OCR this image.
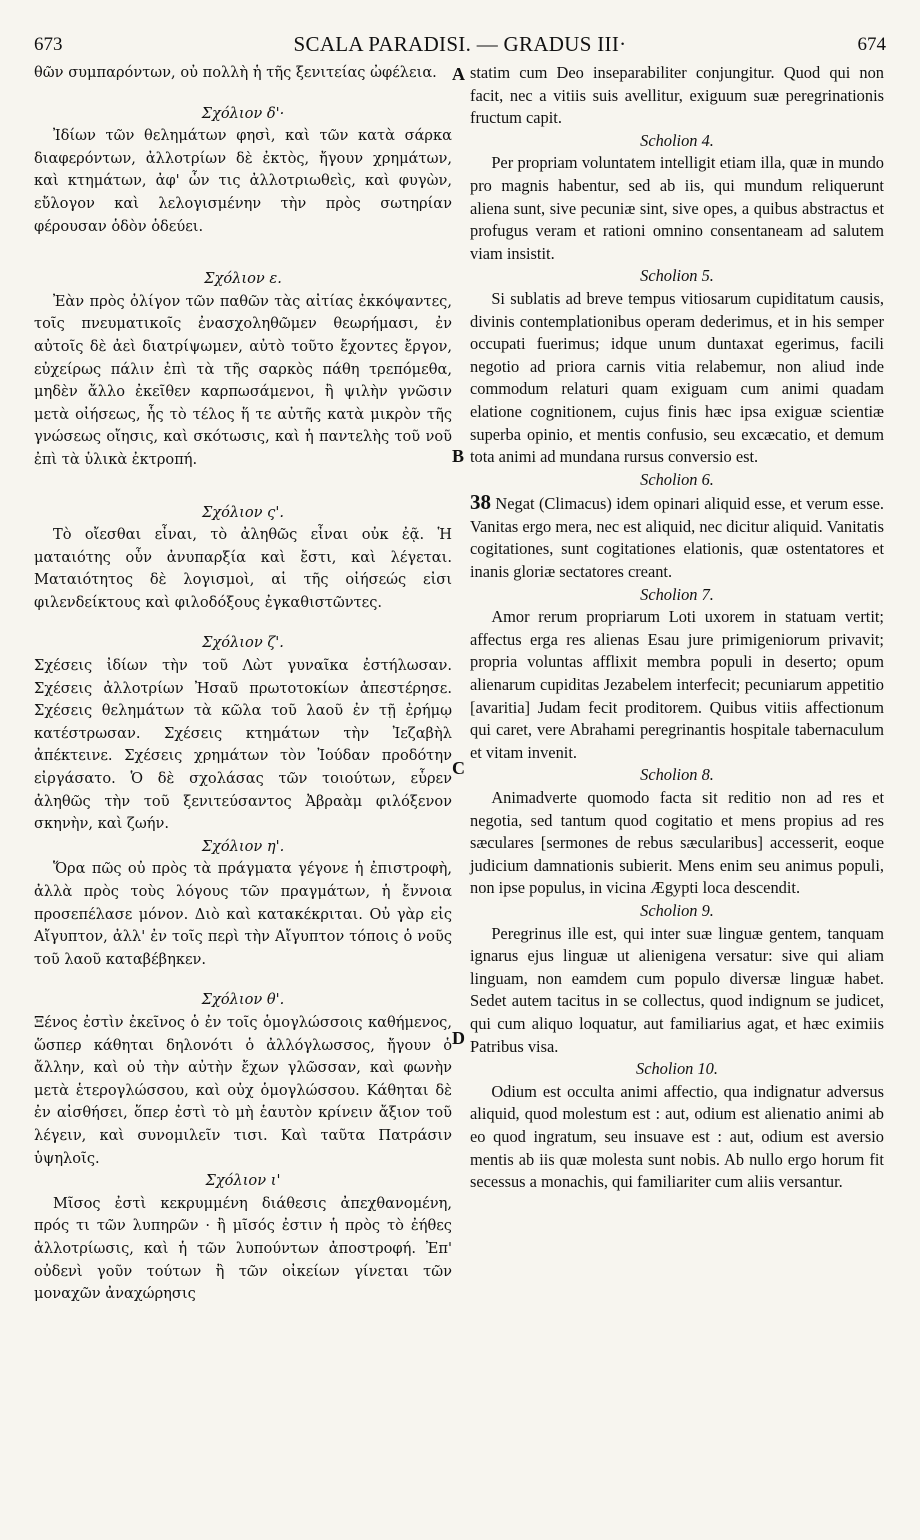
673	SCALA PARADISI. — GRADUS III·	674
A
B
C
D

θῶν συμπαρόντων, οὐ πολλὴ ἡ τῆς ξενιτείας ὠφέλεια.

Σχόλιον δ'·

Ἰδίων τῶν θελημάτων φησὶ, καὶ τῶν κατὰ σάρκα διαφερόντων, ἀλλοτρίων δὲ ἐκτὸς, ἤγουν χρημάτων, καὶ κτημάτων, ἀφ' ὧν τις ἀλλοτριωθεὶς, καὶ φυγὼν, εὔλογον καὶ λελογισμένην τὴν πρὸς σωτηρίαν φέρουσαν ὁδὸν ὁδεύει.

Σχόλιον ε.

Ἐὰν πρὸς ὀλίγον τῶν παθῶν τὰς αἰτίας ἐκκόψαντες, τοῖς πνευματικοῖς ἐνασχοληθῶμεν θεωρήμασι, ἐν αὐτοῖς δὲ ἀεὶ διατρίψωμεν, αὐτὸ τοῦτο ἔχοντες ἔργον, εὐχείρως πάλιν ἐπὶ τὰ τῆς σαρκὸς πάθη τρεπόμεθα, μηδὲν ἄλλο ἐκεῖθεν καρπωσάμενοι, ἢ ψιλὴν γνῶσιν μετὰ οἰήσεως, ἧς τὸ τέλος ἥ τε αὐτῆς κατὰ μικρὸν τῆς γνώσεως οἴησις, καὶ σκότωσις, καὶ ἡ παντελὴς τοῦ νοῦ ἐπὶ τὰ ὑλικὰ ἐκτροπή.

Σχόλιον ς'.

Τὸ οἴεσθαι εἶναι, τὸ ἀληθῶς εἶναι οὐκ ἐᾷ. Ἡ ματαιότης οὖν ἀνυπαρξία καὶ ἔστι, καὶ λέγεται. Ματαιότητος δὲ λογισμοὶ, αἱ τῆς οἰήσεώς εἰσι φιλενδείκτους καὶ φιλοδόξους ἐγκαθιστῶντες.

Σχόλιον ζ'.

Σχέσεις ἰδίων τὴν τοῦ Λὼτ γυναῖκα ἐστήλωσαν. Σχέσεις ἀλλοτρίων Ἠσαῦ πρωτοτοκίων ἀπεστέρησε. Σχέσεις θελημάτων τὰ κῶλα τοῦ λαοῦ ἐν τῇ ἐρήμῳ κατέστρωσαν. Σχέσεις κτημάτων τὴν Ἰεζαβὴλ ἀπέκτεινε. Σχέσεις χρημάτων τὸν Ἰούδαν προδότην εἰργάσατο. Ὁ δὲ σχολάσας τῶν τοιούτων, εὗρεν ἀληθῶς τὴν τοῦ ξενιτεύσαντος Ἀβραὰμ φιλόξενον σκηνὴν, καὶ ζωήν.

Σχόλιον η'.

Ὅρα πῶς οὐ πρὸς τὰ πράγματα γέγονε ἡ ἐπιστροφὴ, ἀλλὰ πρὸς τοὺς λόγους τῶν πραγμάτων, ἡ ἔννοια προσεπέλασε μόνον. Διὸ καὶ κατακέκριται. Οὐ γὰρ εἰς Αἴγυπτον, ἀλλ' ἐν τοῖς περὶ τὴν Αἴγυπτον τόποις ὁ νοῦς τοῦ λαοῦ καταβέβηκεν.

Σχόλιον θ'.

Ξένος ἐστὶν ἐκεῖνος ὁ ἐν τοῖς ὁμογλώσσοις καθήμενος, ὥσπερ κάθηται δηλονότι ὁ ἀλλόγλωσσος, ἤγουν ὁ ἄλλην, καὶ οὐ τὴν αὐτὴν ἔχων γλῶσσαν, καὶ φωνὴν μετὰ ἑτερογλώσσου, καὶ οὐχ ὁμογλώσσου. Κάθηται δὲ ἐν αἰσθήσει, ὅπερ ἐστὶ τὸ μὴ ἑαυτὸν κρίνειν ἄξιον τοῦ λέγειν, καὶ συνομιλεῖν τισι. Καὶ ταῦτα Πατράσιν ὑψηλοῖς.

Σχόλιον ι'

Μῖσος ἐστὶ κεκρυμμένη διάθεσις ἀπεχθανομένη, πρός τι τῶν λυπηρῶν · ἢ μῖσός ἐστιν ἡ πρὸς τὸ ἐήθες ἀλλοτρίωσις, καὶ ἡ τῶν λυπούντων ἀποστροφή. Ἐπ' οὐδενὶ γοῦν τούτων ἢ τῶν οἰκείων γίνεται τῶν μοναχῶν ἀναχώρησις

statim cum Deo inseparabiliter conjungitur. Quod qui non facit, nec a vitiis suis avellitur, exiguum suæ peregrinationis fructum capit.

Scholion 4.

Per propriam voluntatem intelligit etiam illa, quæ in mundo pro magnis habentur, sed ab iis, qui mundum reliquerunt aliena sunt, sive pecuniæ sint, sive opes, a quibus abstractus et profugus veram et rationi omnino consentaneam ad salutem viam insistit.

Scholion 5.

Si sublatis ad breve tempus vitiosarum cupiditatum causis, divinis contemplationibus operam dederimus, et in his semper occupati fuerimus; idque unum duntaxat egerimus, facili negotio ad priora carnis vitia relabemur, non aliud inde commodum relaturi quam exiguam cum animi quadam elatione cognitionem, cujus finis hæc ipsa exiguæ scientiæ superba opinio, et mentis confusio, seu excæcatio, et demum tota animi ad mundana rursus conversio est.

Scholion 6.

38 Negat (Climacus) idem opinari aliquid esse, et verum esse. Vanitas ergo mera, nec est aliquid, nec dicitur aliquid. Vanitatis cogitationes, sunt cogitationes elationis, quæ ostentatores et inanis gloriæ sectatores creant.

Scholion 7.

Amor rerum propriarum Loti uxorem in statuam vertit; affectus erga res alienas Esau jure primigeniorum privavit; propria voluntas afflixit membra populi in deserto; opum alienarum cupiditas Jezabelem interfecit; pecuniarum appetitio [avaritia] Judam fecit proditorem. Quibus vitiis affectionum qui caret, vere Abrahami peregrinantis hospitale tabernaculum et vitam invenit.

Scholion 8.

Animadverte quomodo facta sit reditio non ad res et negotia, sed tantum quod cogitatio et mens propius ad res sæculares [sermones de rebus sæcularibus] accesserit, eoque judicium damnationis subierit. Mens enim seu animus populi, non ipse populus, in vicina Ægypti loca descendit.

Scholion 9.

Peregrinus ille est, qui inter suæ linguæ gentem, tanquam ignarus ejus linguæ ut alienigena versatur: sive qui aliam linguam, non eamdem cum populo diversæ linguæ habet. Sedet autem tacitus in se collectus, quod indignum se judicet, qui cum aliquo loquatur, aut familiarius agat, et hæc eximiis Patribus visa.

Scholion 10.

Odium est occulta animi affectio, qua indignatur adversus aliquid, quod molestum est : aut, odium est alienatio animi ab eo quod ingratum, seu insuave est : aut, odium est aversio mentis ab iis quæ molesta sunt nobis. Ab nullo ergo horum fit secessus a monachis, qui familiariter cum aliis versantur.
